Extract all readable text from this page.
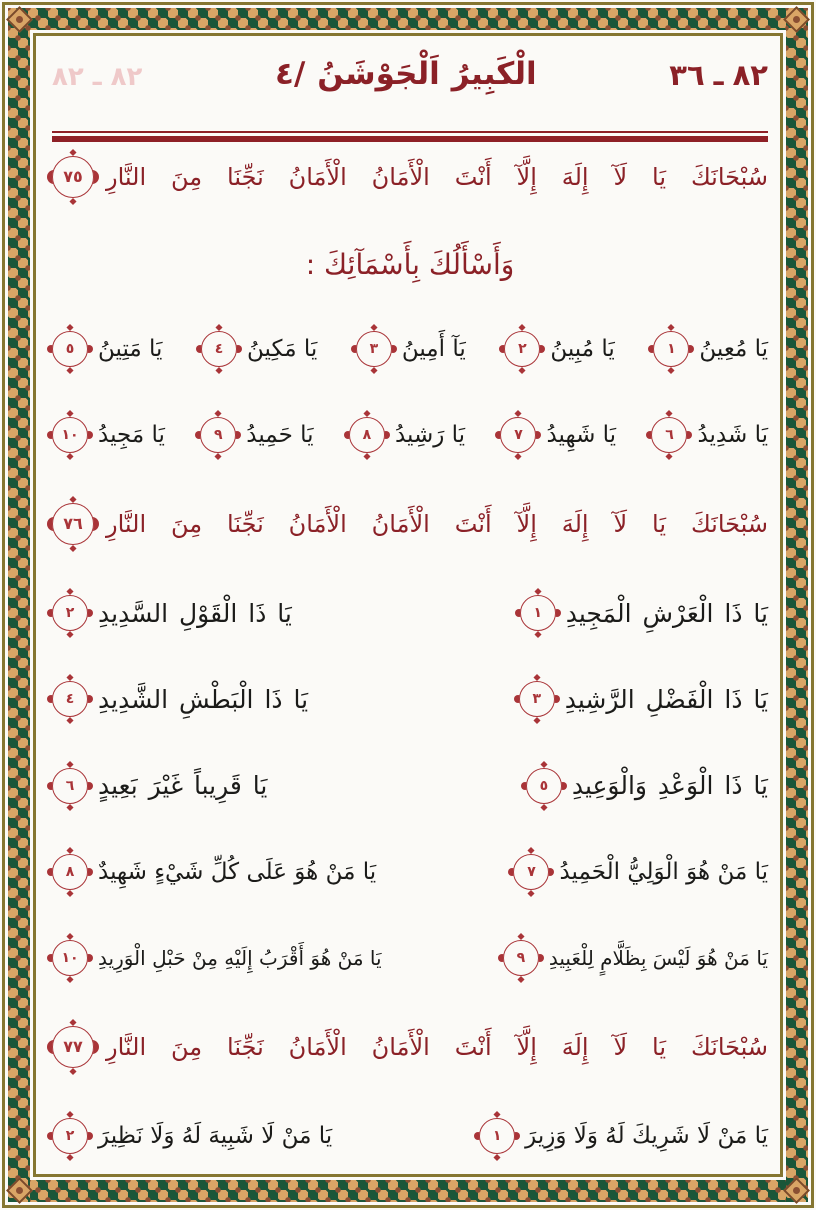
٨٢ ـ ٨٢	٤/ اَلْجَوْشَنُ الْكَبِيرُ	٣٦ ـ ٨٢
سُبْحَانَكَ يَا لَآ إِلَهَ إِلَّآ أَنْتَ الْأَمَانُ الْأَمَانُ نَجِّنَا مِنَ النَّارِ
٧٥
وَأَسْأَلُكَ بِأَسْمَآئِكَ :
يَا مُعِينُ
١
يَا مُبِينُ
٢
يَآ أَمِينُ
٣
يَا مَكِينُ
٤
يَا مَتِينُ
٥
يَا شَدِيدُ
٦
يَا شَهِيدُ
٧
يَا رَشِيدُ
٨
يَا حَمِيدُ
٩
يَا مَجِيدُ
١٠
سُبْحَانَكَ يَا لَآ إِلَهَ إِلَّآ أَنْتَ الْأَمَانُ الْأَمَانُ نَجِّنَا مِنَ النَّارِ
٧٦
يَا ذَا الْعَرْشِ الْمَجِيدِ
١
يَا ذَا الْقَوْلِ السَّدِيدِ
٢
يَا ذَا الْفَضْلِ الرَّشِيدِ
٣
يَا ذَا الْبَطْشِ الشَّدِيدِ
٤
يَا ذَا الْوَعْدِ وَالْوَعِيدِ
٥
يَا قَرِيباً غَيْرَ بَعِيدٍ
٦
يَا مَنْ هُوَ الْوَلِيُّ الْحَمِيدُ
٧
يَا مَنْ هُوَ عَلَى كُلِّ شَيْءٍ شَهِيدٌ
٨
يَا مَنْ هُوَ لَيْسَ بِظَلَّامٍ لِلْعَبِيدِ
٩
يَا مَنْ هُوَ أَقْرَبُ إِلَيْهِ مِنْ حَبْلِ الْوَرِيدِ
١٠
سُبْحَانَكَ يَا لَآ إِلَهَ إِلَّآ أَنْتَ الْأَمَانُ الْأَمَانُ نَجِّنَا مِنَ النَّارِ
٧٧
يَا مَنْ لَا شَرِيكَ لَهُ وَلَا وَزِيرَ
١
يَا مَنْ لَا شَبِيهَ لَهُ وَلَا نَظِيرَ
٢
